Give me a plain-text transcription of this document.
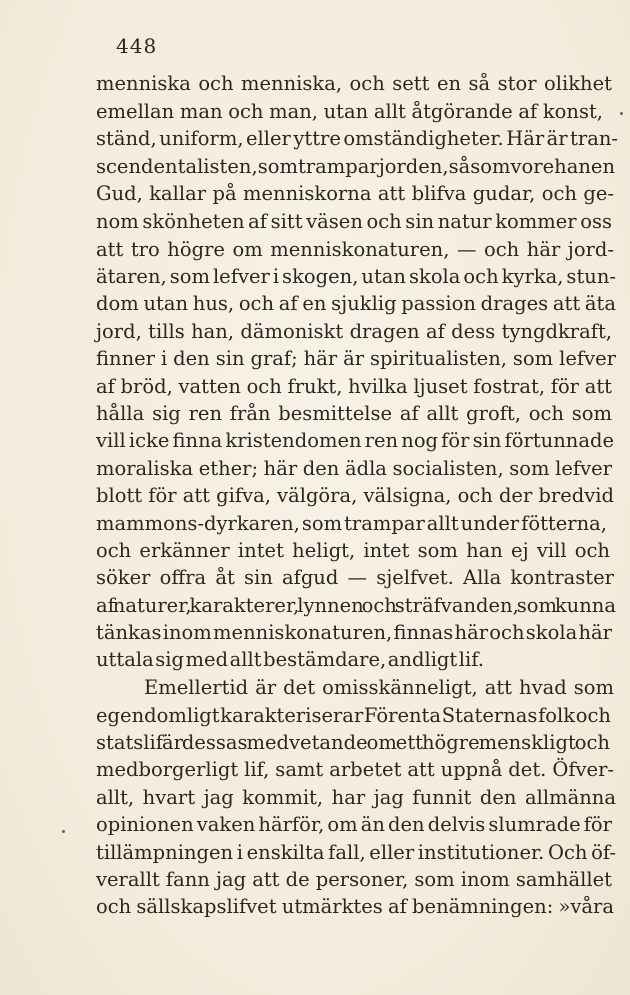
448
menniska och menniska, och sett en så stor olikhet
emellan man och man, utan allt åtgörande af konst,
ständ, uniform, eller yttre omständigheter. Här är tran-
scendentalisten, som trampar jorden, såsom vore han en
Gud, kallar på menniskorna att blifva gudar, och ge-
nom skönheten af sitt väsen och sin natur kommer oss
att tro högre om menniskonaturen, — och här jord-
ätaren, som lefver i skogen, utan skola och kyrka, stun-
dom utan hus, och af en sjuklig passion drages att äta
jord, tills han, dämoniskt dragen af dess tyngdkraft,
finner i den sin graf; här är spiritualisten, som lefver
af bröd, vatten och frukt, hvilka ljuset fostrat, för att
hålla sig ren från besmittelse af allt groft, och som
vill icke finna kristendomen ren nog för sin förtunnade
moraliska ether; här den ädla socialisten, som lefver
blott för att gifva, välgöra, välsigna, och der bredvid
mammons-dyrkaren, som trampar allt under fötterna,
och erkänner intet heligt, intet som han ej vill och
söker offra åt sin afgud — sjelfvet. Alla kontraster
af naturer, karakterer, lynnen och sträfvanden, som kunna
tänkas inom menniskonaturen, finnas här och skola här
uttala sig med allt bestämdare, andligt lif.
Emellertid är det omisskänneligt, att hvad som
egendomligt karakteriserar Förenta Staternas folk och
statslif är dessas medvetande om ett högre menskligt och
medborgerligt lif, samt arbetet att uppnå det. Öfver-
allt, hvart jag kommit, har jag funnit den allmänna
opinionen vaken härför, om än den delvis slumrade för
tillämpningen i enskilta fall, eller institutioner. Och öf-
verallt fann jag att de personer, som inom samhället
och sällskapslifvet utmärktes af benämningen: »våra
